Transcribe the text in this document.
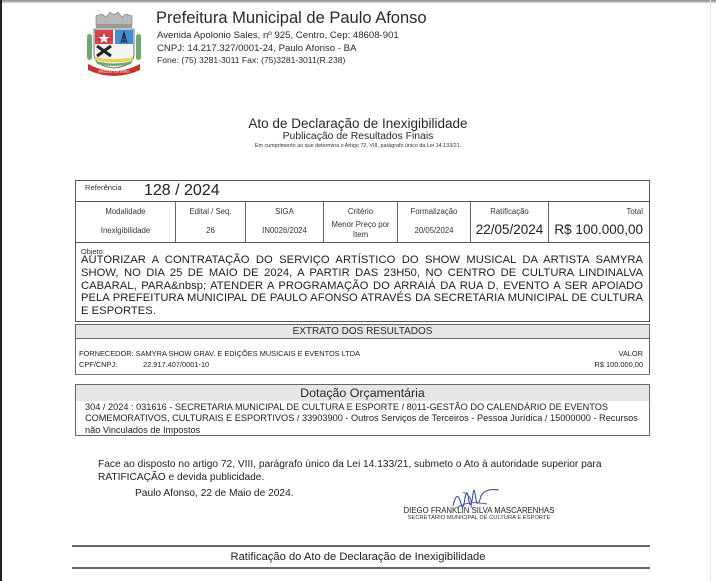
PAULO AFONSO
Prefeitura Municipal de Paulo Afonso
Avenida Apolonio Sales, nº 925, Centro, Cep: 48608-901
CNPJ: 14.217.327/0001-24, Paulo Afonso - BA
Fone: (75) 3281-3011 Fax: (75)3281-3011(R.238)
Ato de Declaração de Inexigibilidade
Publicação de Resultados Finais
Em cumprimento ao que determina o Artigo 72, VIII, parágrafo único da Lei 14.133/21.
Referência 128 / 2024
Modalidade
Inexigibilidade
Edital / Seq.
26
SIGA
IN0026/2024
Critério
Menor Preço por Item
Formalização
20/05/2024
Ratificação
22/05/2024
Total
R$ 100.000,00
Objeto:
AUTORIZAR A CONTRATAÇÃO DO SERVIÇO ARTÍSTICO DO SHOW MUSICAL DA ARTISTA SAMYRA SHOW, NO DIA 25 DE MAIO DE 2024, A PARTIR DAS 23H50, NO CENTRO DE CULTURA LINDINALVA CABARAL, PARA&nbsp; ATENDER A PROGRAMAÇÃO DO ARRAIÁ DA RUA D, EVENTO A SER APOIADO PELA PREFEITURA MUNICIPAL DE PAULO AFONSO ATRAVÉS DA SECRETARIA MUNICIPAL DE CULTURA E ESPORTES.
EXTRATO DOS RESULTADOS
FORNECEDOR: SAMYRA SHOW GRAV. E EDIÇÕES MUSICAIS E EVENTOS LTDA
CPF/CNPJ:	22.917.407/0001-10
VALOR
R$ 100.000,00
Dotação Orçamentária
304 / 2024 : 031616 - SECRETARIA MUNICIPAL DE CULTURA E ESPORTE / 8011-GESTÃO DO CALENDÁRIO DE EVENTOS COMEMORATIVOS, CULTURAIS E ESPORTIVOS / 33903900 - Outros Serviços de Terceiros - Pessoa Jurídica / 15000000 - Recursos não Vinculados de Impostos
Face ao disposto no artigo 72, VIII, parágrafo único da Lei 14.133/21, submeto o Ato à autoridade superior para RATIFICAÇÃO e devida publicidade.
Paulo Afonso, 22 de Maio de 2024.
DIEGO FRANKLIN SILVA MASCARENHAS
SECRETÁRIO MUNICIPAL DE CULTURA E ESPORTE
Ratificação do Ato de Declaração de Inexigibilidade
